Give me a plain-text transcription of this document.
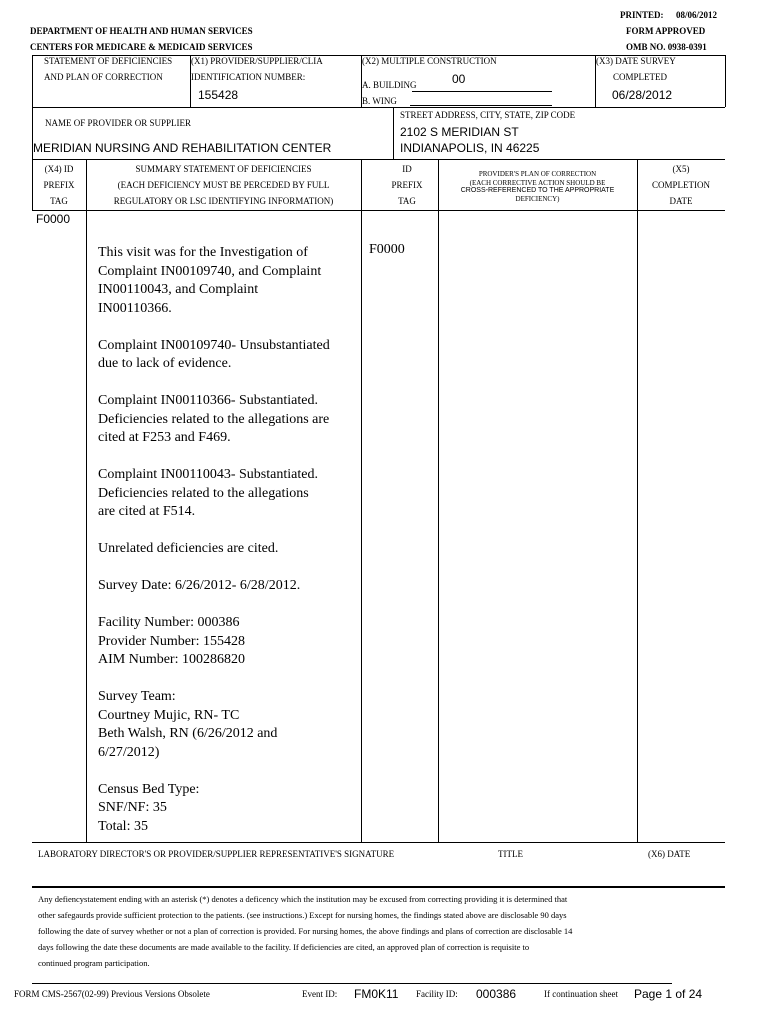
PRINTED: 08/06/2012
DEPARTMENT OF HEALTH AND HUMAN SERVICES	FORM APPROVED
CENTERS FOR MEDICARE & MEDICAID SERVICES	OMB NO. 0938-0391
STATEMENT OF DEFICIENCIES
AND PLAN OF CORRECTION
(X1) PROVIDER/SUPPLIER/CLIA
IDENTIFICATION NUMBER:
155428
(X2) MULTIPLE CONSTRUCTION
A. BUILDING	00
B. WING
(X3) DATE SURVEY
COMPLETED
06/28/2012
NAME OF PROVIDER OR SUPPLIER
MERIDIAN NURSING AND REHABILITATION CENTER
STREET ADDRESS, CITY, STATE, ZIP CODE
2102 S MERIDIAN ST
INDIANAPOLIS, IN 46225
(X4) ID
PREFIX
TAG
SUMMARY STATEMENT OF DEFICIENCIES
(EACH DEFICIENCY MUST BE PERCEDED BY FULL
REGULATORY OR LSC IDENTIFYING INFORMATION)
ID
PREFIX
TAG
PROVIDER'S PLAN OF CORRECTION
(EACH CORRECTIVE ACTION SHOULD BE
CROSS-REFERENCED TO THE APPROPRIATE
DEFICIENCY)
(X5)
COMPLETION
DATE
F0000
F0000
This visit was for the Investigation of
Complaint IN00109740, and Complaint
IN00110043, and Complaint
IN00110366.
Complaint IN00109740- Unsubstantiated
due to lack of evidence.
Complaint IN00110366- Substantiated.
Deficiencies related to the allegations are
cited at F253 and F469.
Complaint IN00110043- Substantiated.
Deficiencies related to the allegations
are cited at F514.
Unrelated deficiencies are cited.
Survey Date: 6/26/2012- 6/28/2012.
Facility Number: 000386
Provider Number: 155428
AIM Number: 100286820
Survey Team:
Courtney Mujic, RN- TC
Beth Walsh, RN (6/26/2012 and
6/27/2012)
Census Bed Type:
SNF/NF: 35
Total: 35
LABORATORY DIRECTOR'S OR PROVIDER/SUPPLIER REPRESENTATIVE'S SIGNATURE	TITLE	(X6) DATE
Any defiencystatement ending with an asterisk (*) denotes a deficency which the institution may be excused from correcting providing it is determined that
other safegaurds provide sufficient protection to the patients. (see instructions.) Except for nursing homes, the findings stated above are disclosable 90 days
following the date of survey whether or not a plan of correction is provided. For nursing homes, the above findings and plans of correction are disclosable 14
days following the date these documents are made available to the facility. If deficiencies are cited, an approved plan of correction is requisite to
continued program participation.
FORM CMS-2567(02-99) Previous Versions Obsolete	Event ID: FM0K11 Facility ID: 000386	If continuation sheet Page 1 of 24
